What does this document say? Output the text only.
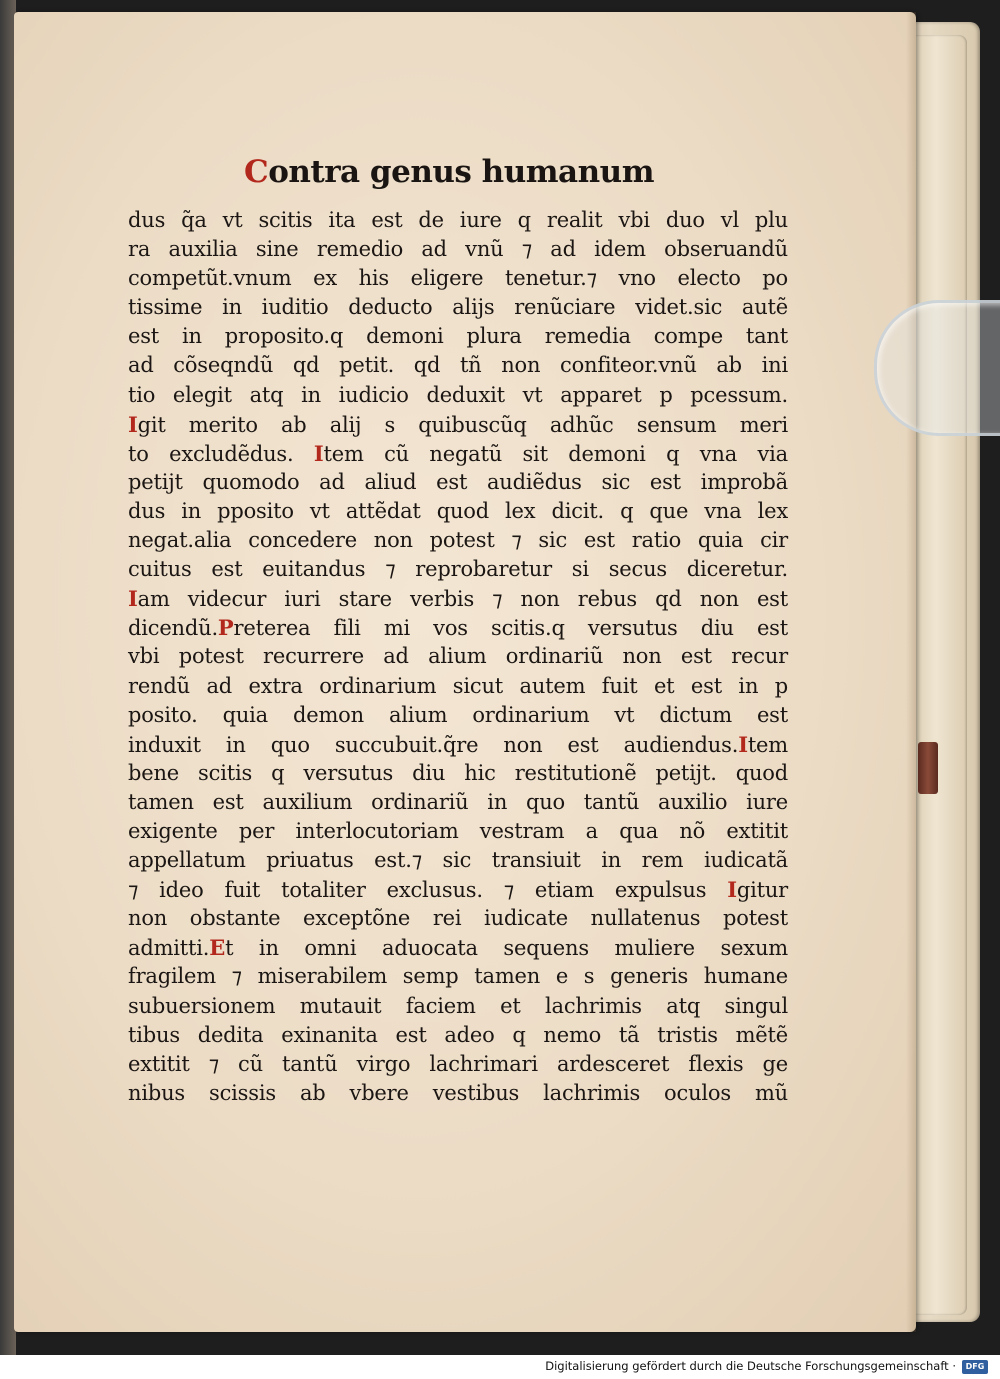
Contra genus humanum
dus q̃a vt scitis ita est de iure q realit vbi duo vl plu
ra auxilia sine remedio ad vnũ ⁊ ad idem obseruandũ
competũt.vnum ex his eligere tenetur.⁊ vno electo po
tissime in iuditio deducto alijs renũciare videt.sic autẽ
est in proposito.q demoni plura remedia compe tant
ad cõseqndũ qd petit. qd tñ non confiteor.vnũ ab ini
tio elegit atq in iudicio deduxit vt apparet p pcessum.
Igit merito ab alij s quibuscũq adhũc sensum meri
to excludẽdus. Item cũ negatũ sit demoni q vna via
petijt quomodo ad aliud est audiẽdus sic est improbã
dus in pposito vt attẽdat quod lex dicit. q que vna lex
negat.alia concedere non potest ⁊ sic est ratio quia cir
cuitus est euitandus ⁊ reprobaretur si secus diceretur.
Iam videcur iuri stare verbis ⁊ non rebus qd non est
dicendũ.Preterea fili mi vos scitis.q versutus diu est
vbi potest recurrere ad alium ordinariũ non est recur
rendũ ad extra ordinarium sicut autem fuit et est in p
posito. quia demon alium ordinarium vt dictum est
induxit in quo succubuit.q̃re non est audiendus.Item
bene scitis q versutus diu hic restitutionẽ petijt. quod
tamen est auxilium ordinariũ in quo tantũ auxilio iure
exigente per interlocutoriam vestram a qua nõ extitit
appellatum priuatus est.⁊ sic transiuit in rem iudicatã
⁊ ideo fuit totaliter exclusus. ⁊ etiam expulsus Igitur
non obstante exceptõne rei iudicate nullatenus potest
admitti.Et in omni aduocata sequens muliere sexum
fragilem ⁊ miserabilem semp tamen e s generis humane
subuersionem mutauit faciem et lachrimis atq singul
tibus dedita exinanita est adeo q nemo tã tristis mẽtẽ
extitit ⁊ cũ tantũ virgo lachrimari ardesceret flexis ge
nibus scissis ab vbere vestibus lachrimis oculos mũ
Digitalisierung gefördert durch die Deutsche Forschungsgemeinschaft ·	DFG
